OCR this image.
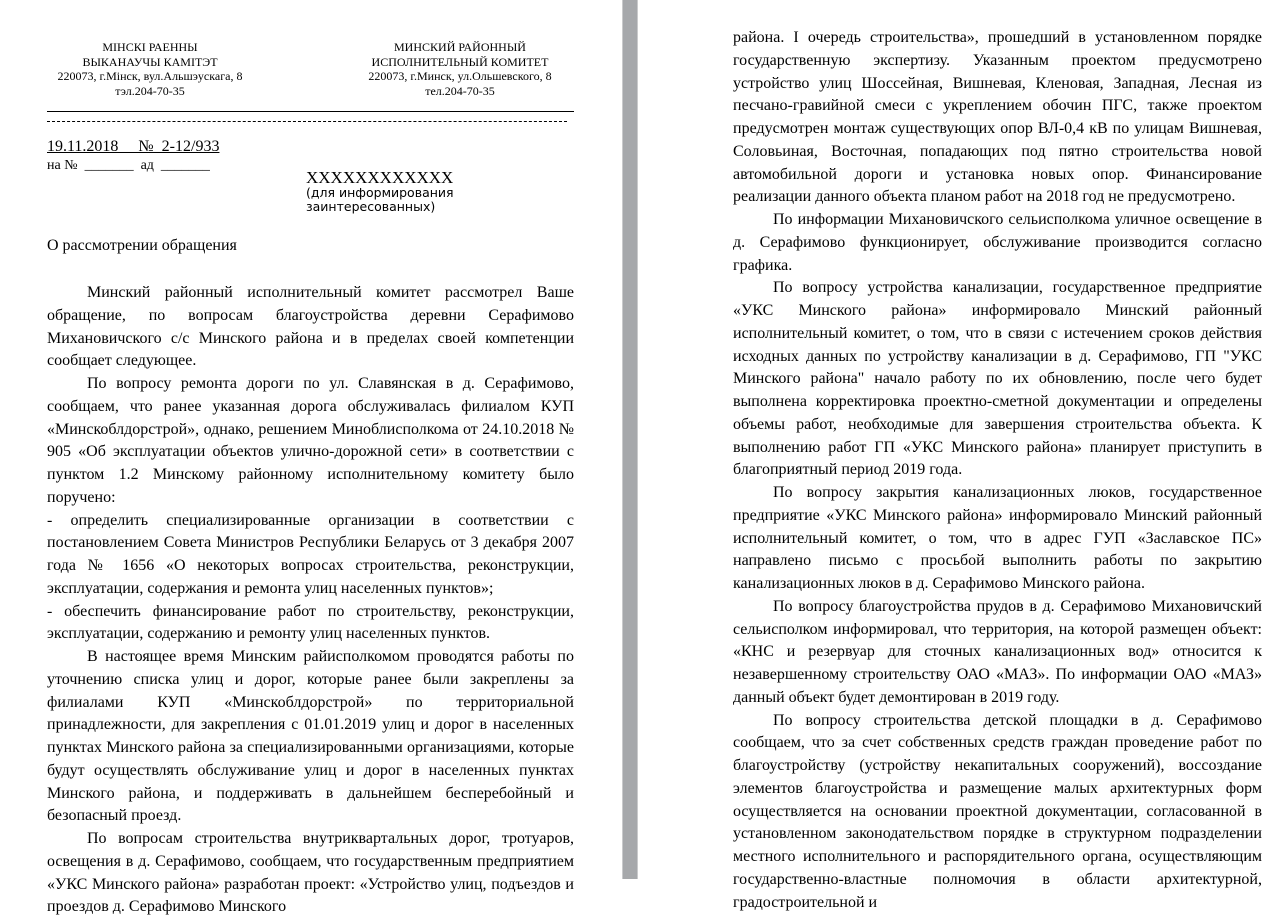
МІНСКІ РАЕННЫ
ВЫКАНАУЧЫ КАМІТЭТ
220073, г.Мінск, вул.Альшэускага, 8
тэл.204-70-35
МИНСКИЙ РАЙОННЫЙ
ИСПОЛНИТЕЛЬНЫЙ КОМИТЕТ
220073, г.Минск, ул.Ольшевского, 8
тел.204-70-35
19.11.2018     №  2-12/933
на №  _______  ад  _______
ХХХХХХХХХХХХ
(для информирования
заинтересованных)
О рассмотрении обращения

Минский районный исполнительный комитет рассмотрел Ваше обращение, по вопросам благоустройства деревни Серафимово Михановичского с/с Минского района и в пределах своей компетенции сообщает следующее.

По вопросу ремонта дороги по ул. Славянская в д. Серафимово, сообщаем, что ранее указанная дорога обслуживалась филиалом КУП «Минскоблдорстрой», однако, решением Миноблисполкома от 24.10.2018 № 905 «Об эксплуатации объектов улично-дорожной сети» в соответствии с пунктом 1.2 Минскому районному исполнительному комитету было поручено:

- определить специализированные организации в соответствии с постановлением Совета Министров Республики Беларусь от 3 декабря 2007 года № 1656 «О некоторых вопросах строительства, реконструкции, эксплуатации, содержания и ремонта улиц населенных пунктов»;

- обеспечить финансирование работ по строительству, реконструкции, эксплуатации, содержанию и ремонту улиц населенных пунктов.

В настоящее время Минским райисполкомом проводятся работы по уточнению списка улиц и дорог, которые ранее были закреплены за филиалами КУП «Минскоблдорстрой» по территориальной принадлежности, для закрепления с 01.01.2019 улиц и дорог в населенных пунктах Минского района за специализированными организациями, которые будут осуществлять обслуживание улиц и дорог в населенных пунктах Минского района, и поддерживать в дальнейшем бесперебойный и безопасный проезд.

По вопросам строительства внутриквартальных дорог, тротуаров, освещения в д. Серафимово, сообщаем, что государственным предприятием «УКС Минского района» разработан проект: «Устройство улиц, подъездов и проездов д. Серафимово Минского

района. I очередь строительства», прошедший в установленном порядке государственную экспертизу. Указанным проектом предусмотрено устройство улиц Шоссейная, Вишневая, Кленовая, Западная, Лесная из песчано-гравийной смеси с укреплением обочин ПГС, также проектом предусмотрен монтаж существующих опор ВЛ-0,4 кВ по улицам Вишневая, Соловьиная, Восточная, попадающих под пятно строительства новой автомобильной дороги и установка новых опор. Финансирование реализации данного объекта планом работ на 2018 год не предусмотрено.

По информации Михановичского сельисполкома уличное освещение в д. Серафимово функционирует, обслуживание производится согласно графика.

По вопросу устройства канализации, государственное предприятие «УКС Минского района» информировало Минский районный исполнительный комитет, о том, что в связи с истечением сроков действия исходных данных по устройству канализации в д. Серафимово, ГП "УКС Минского района" начало работу по их обновлению, после чего будет выполнена корректировка проектно-сметной документации и определены объемы работ, необходимые для завершения строительства объекта. К выполнению работ ГП «УКС Минского района» планирует приступить в благоприятный период 2019 года.

По вопросу закрытия канализационных люков, государственное предприятие «УКС Минского района» информировало Минский районный исполнительный комитет, о том, что в адрес ГУП «Заславское ПС» направлено письмо с просьбой выполнить работы по закрытию канализационных люков в д. Серафимово Минского района.

По вопросу благоустройства прудов в д. Серафимово Михановичский сельисполком информировал, что территория, на которой размещен объект: «КНС и резервуар для сточных канализационных вод» относится к незавершенному строительству ОАО «МАЗ». По информации ОАО «МАЗ» данный объект будет демонтирован в 2019 году.

По вопросу строительства детской площадки в д. Серафимово сообщаем, что за счет собственных средств граждан проведение работ по благоустройству (устройству некапитальных сооружений), воссоздание элементов благоустройства и размещение малых архитектурных форм осуществляется на основании проектной документации, согласованной в установленном законодательством порядке в структурном подразделении местного исполнительного и распорядительного органа, осуществляющим государственно-властные полномочия в области архитектурной, градостроительной и
